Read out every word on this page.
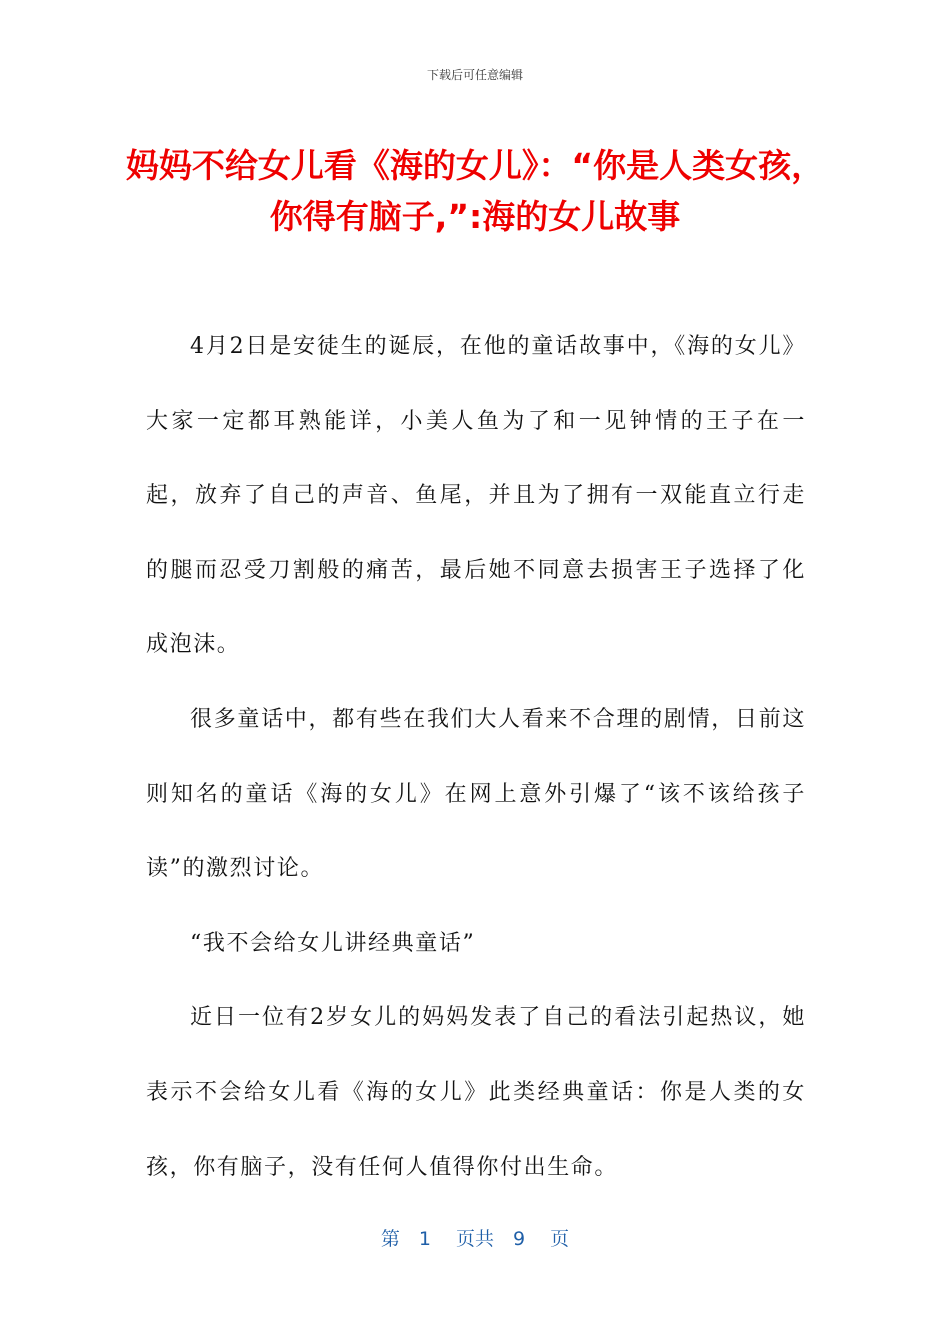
下载后可任意编辑
妈妈不给女儿看《海的女儿》：“你是人类女孩，你得有脑子,”:海的女儿故事

4月2日是安徒生的诞辰，在他的童话故事中，《海的女儿》大家一定都耳熟能详，小美人鱼为了和一见钟情的王子在一起，放弃了自己的声音、鱼尾，并且为了拥有一双能直立行走的腿而忍受刀割般的痛苦，最后她不同意去损害王子选择了化成泡沫。

很多童话中，都有些在我们大人看来不合理的剧情，日前这则知名的童话《海的女儿》在网上意外引爆了“该不该给孩子读”的激烈讨论。

“我不会给女儿讲经典童话”

近日一位有2岁女儿的妈妈发表了自己的看法引起热议，她表示不会给女儿看《海的女儿》此类经典童话：你是人类的女孩，你有脑子，没有任何人值得你付出生命。

第　1　 页共　9　 页
